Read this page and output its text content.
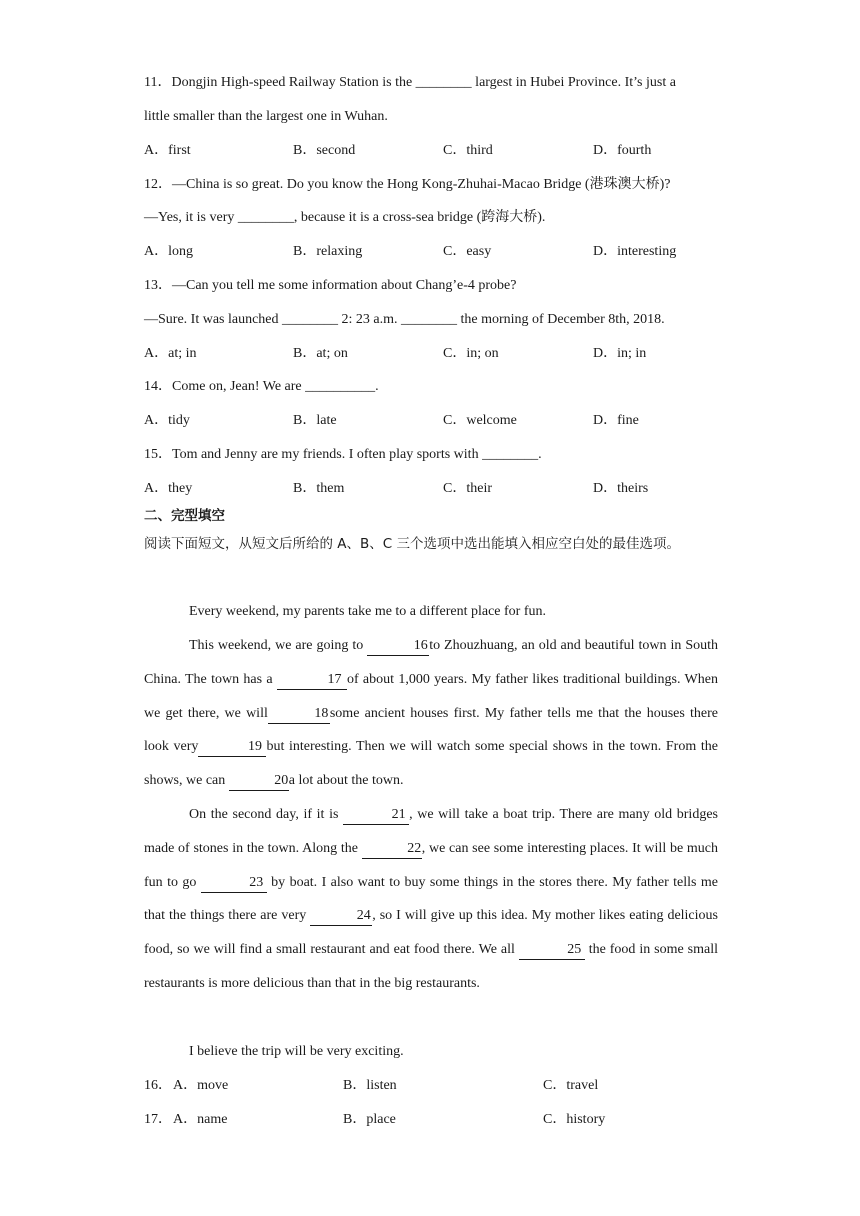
11．Dongjin High-speed Railway Station is the ________ largest in Hubei Province. It’s just a
little smaller than the largest one in Wuhan.
A．first	B．second	C．third	D．fourth
12．—China is so great. Do you know the Hong Kong-Zhuhai-Macao Bridge (港珠澳大桥)?
—Yes, it is very ________, because it is a cross-sea bridge (跨海大桥).
A．long	B．relaxing	C．easy	D．interesting
13．—Can you tell me some information about Chang’e-4 probe?
—Sure. It was launched ________ 2: 23 a.m. ________ the morning of December 8th, 2018.
A．at; in	B．at; on	C．in; on	D．in; in
14．Come on, Jean! We are __________.
A．tidy	B．late	C．welcome	D．fine
15．Tom and Jenny are my friends. I often play sports with ________.
A．they	B．them	C．their	D．theirs
二、完型填空
阅读下面短文，从短文后所给的 A、B、C 三个选项中选出能填入相应空白处的最佳选项。
Every weekend, my parents take me to a different place for fun.
This weekend, we are going to	16 to Zhouzhuang, an old and beautiful town in South China. The town has a	17 of about 1,000 years. My father likes traditional buildings. When we get there, we will	18 some ancient houses first. My father tells me that the houses there look very	19 but interesting. Then we will watch some special shows in the town. From the shows, we can	20a lot about the town.
On the second day, if it is	21 , we will take a boat trip. There are many old bridges made of stones in the town. Along the	22, we can see some interesting places. It will be much fun to go	23 by boat. I also want to buy some things in the stores there. My father tells me that the things there are very	24 , so I will give up this idea. My mother likes eating delicious food, so we will find a small restaurant and eat food there. We all	25 the food in some small restaurants is more delicious than that in the big restaurants.
I believe the trip will be very exciting.
16． A．move	B．listen	C．travel
17． A．name	B．place	C．history
